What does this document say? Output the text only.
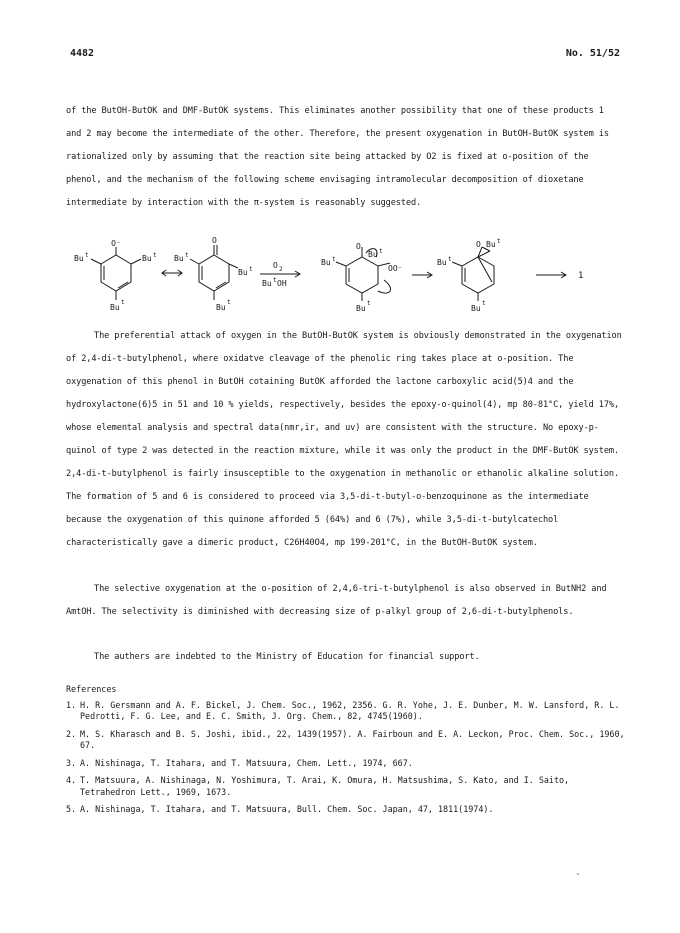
4482	No. 51/52
of the ButOH-ButOK and DMF-ButOK systems. This eliminates another possibility that one of these products 1 and 2 may become the intermediate of the other. Therefore, the present oxygenation in ButOH-ButOK system is rationalized only by assuming that the reaction site being attacked by O2 is fixed at o-position of the phenol, and the mechanism of the following scheme envisaging intramolecular decomposition of dioxetane intermediate by interaction with the π-system is reasonably suggested.
O⁻
Bu t	Bu t
Bu
t
O
Bu t
Bu t
Bu
t
O 2
Bu t OH
O
Bu t
Bu t
OO⁻
Bu
t
O Bu t
Bu t
Bu
t
1
The preferential attack of oxygen in the ButOH-ButOK system is obviously demonstrated in the oxygenation of 2,4-di-t-butylphenol, where oxidatve cleavage of the phenolic ring takes place at o-position. The oxygenation of this phenol in ButOH cotaining ButOK afforded the lactone carboxylic acid(5)4 and the hydroxylactone(6)5 in 51 and 10 % yields, respectively, besides the epoxy-o-quinol(4), mp 80-81°C, yield 17%, whose elemental analysis and spectral data(nmr,ir, and uv) are consistent with the structure. No epoxy-p-quinol of type 2 was detected in the reaction mixture, while it was only the product in the DMF-ButOK system. 2,4-di-t-butylphenol is fairly insusceptible to the oxygenation in methanolic or ethanolic alkaline solution. The formation of 5 and 6 is considered to proceed via 3,5-di-t-butyl-o-benzoquinone as the intermediate because the oxygenation of this quinone afforded 5 (64%) and 6 (7%), while 3,5-di-t-butylcatechol characteristically gave a dimeric product, C26H40O4, mp 199-201°C, in the ButOH-ButOK system.
The selective oxygenation at the o-position of 2,4,6-tri-t-butylphenol is also observed in ButNH2 and AmtOH. The selectivity is diminished with decreasing size of p-alkyl group of 2,6-di-t-butylphenols.
The authers are indebted to the Ministry of Education for financial support.
References
1. H. R. Gersmann and A. F. Bickel, J. Chem. Soc., 1962, 2356. G. R. Yohe, J. E. Dunber, M. W. Lansford, R. L. Pedrotti, F. G. Lee, and E. C. Smith, J. Org. Chem., 82, 4745(1960).
2. M. S. Kharasch and B. S. Joshi, ibid., 22, 1439(1957). A. Fairboun and E. A. Leckon, Proc. Chem. Soc., 1960, 67.
3. A. Nishinaga, T. Itahara, and T. Matsuura, Chem. Lett., 1974, 667.
4. T. Matsuura, A. Nishinaga, N. Yoshimura, T. Arai, K. Omura, H. Matsushima, S. Kato, and I. Saito, Tetrahedron Lett., 1969, 1673.
5. A. Nishinaga, T. Itahara, and T. Matsuura, Bull. Chem. Soc. Japan, 47, 1811(1974).
